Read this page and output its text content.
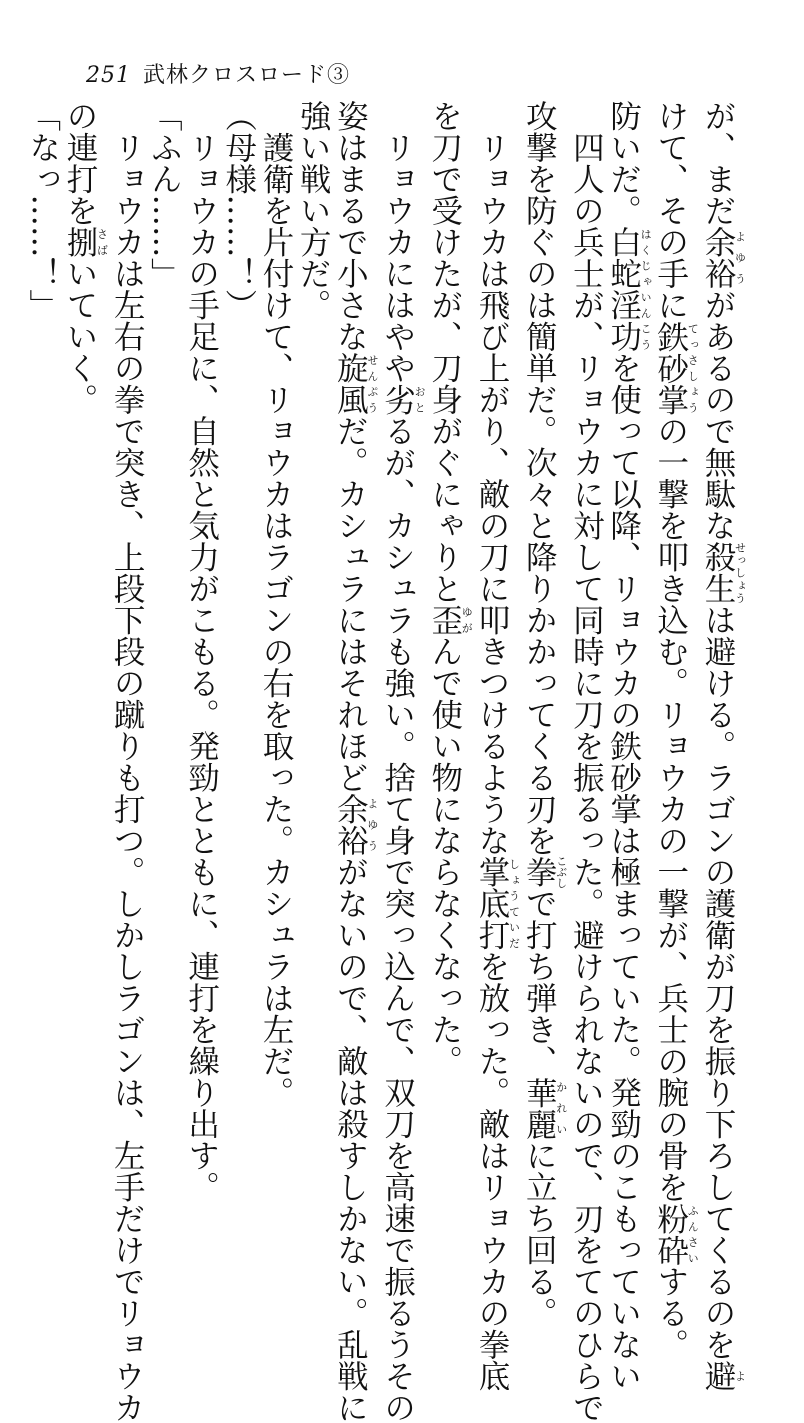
251 武林クロスロード③
が、まだ余裕よゆうがあるので無駄な殺生せっしょうは避ける。ラゴンの護衛が刀を振り下ろしてくるのを避よ
けて、その手に鉄砂掌てっさしょうの一撃を叩き込む。リョウカの一撃が、兵士の腕の骨を粉砕ふんさいする。
防いだ。白蛇淫功はくじゃいんこうを使って以降、リョウカの鉄砂掌は極まっていた。発勁のこもっていない
　四人の兵士が、リョウカに対して同時に刀を振るった。避けられないので、刃をてのひらで
攻撃を防ぐのは簡単だ。次々と降りかかってくる刃を拳こぶしで打ち弾き、華麗かれいに立ち回る。
　リョウカは飛び上がり、敵の刀に叩きつけるような掌底打しょうていだを放った。敵はリョウカの拳底
を刀で受けたが、刀身がぐにゃりと歪ゆがんで使い物にならなくなった。
　リョウカにはやや劣おとるが、カシュラも強い。捨て身で突っ込んで、双刀を高速で振るうその
姿はまるで小さな旋風せんぷうだ。カシュラにはそれほど余裕よゆうがないので、敵は殺すしかない。乱戦に
強い戦い方だ。
　護衛を片付けて、リョウカはラゴンの右を取った。カシュラは左だ。
（母様……！）
　リョウカの手足に、自然と気力がこもる。発勁とともに、連打を繰り出す。
「ふん……」
　リョウカは左右の拳で突き、上段下段の蹴りも打つ。しかしラゴンは、左手だけでリョウカ
の連打を捌さばいていく。
「なっ……！」
